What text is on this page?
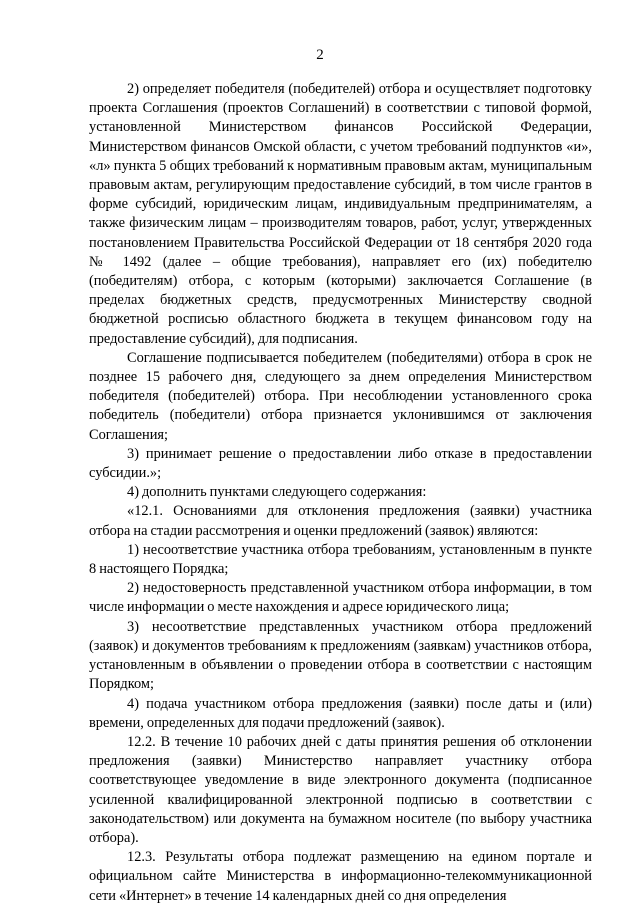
2

2) определяет победителя (победителей) отбора и осуществляет подготовку проекта Соглашения (проектов Соглашений) в соответствии с типовой формой, установленной Министерством финансов Российской Федерации, Министерством финансов Омской области, с учетом требований подпунктов «и», «л» пункта 5 общих требований к нормативным правовым актам, муниципальным правовым актам, регулирующим предоставление субсидий, в том числе грантов в форме субсидий, юридическим лицам, индивидуальным предпринимателям, а также физическим лицам – производителям товаров, работ, услуг, утвержденных постановлением Правительства Российской Федерации от 18 сентября 2020 года № 1492 (далее – общие требования), направляет его (их) победителю (победителям) отбора, с которым (которыми) заключается Соглашение (в пределах бюджетных средств, предусмотренных Министерству сводной бюджетной росписью областного бюджета в текущем финансовом году на предоставление субсидий), для подписания.

Соглашение подписывается победителем (победителями) отбора в срок не позднее 15 рабочего дня, следующего за днем определения Министерством победителя (победителей) отбора. При несоблюдении установленного срока победитель (победители) отбора признается уклонившимся от заключения Соглашения;

3) принимает решение о предоставлении либо отказе в предоставлении субсидии.»;

4) дополнить пунктами следующего содержания:

«12.1. Основаниями для отклонения предложения (заявки) участника отбора на стадии рассмотрения и оценки предложений (заявок) являются:

1) несоответствие участника отбора требованиям, установленным в пункте 8 настоящего Порядка;

2) недостоверность представленной участником отбора информации, в том числе информации о месте нахождения и адресе юридического лица;

3) несоответствие представленных участником отбора предложений (заявок) и документов требованиям к предложениям (заявкам) участников отбора, установленным в объявлении о проведении отбора в соответствии с настоящим Порядком;

4) подача участником отбора предложения (заявки) после даты и (или) времени, определенных для подачи предложений (заявок).

12.2. В течение 10 рабочих дней с даты принятия решения об отклонении предложения (заявки) Министерство направляет участнику отбора соответствующее уведомление в виде электронного документа (подписанное усиленной квалифицированной электронной подписью в соответствии с законодательством) или документа на бумажном носителе (по выбору участника отбора).

12.3. Результаты отбора подлежат размещению на едином портале и официальном сайте Министерства в информационно-телекоммуникационной сети «Интернет» в течение 14 календарных дней со дня определения
